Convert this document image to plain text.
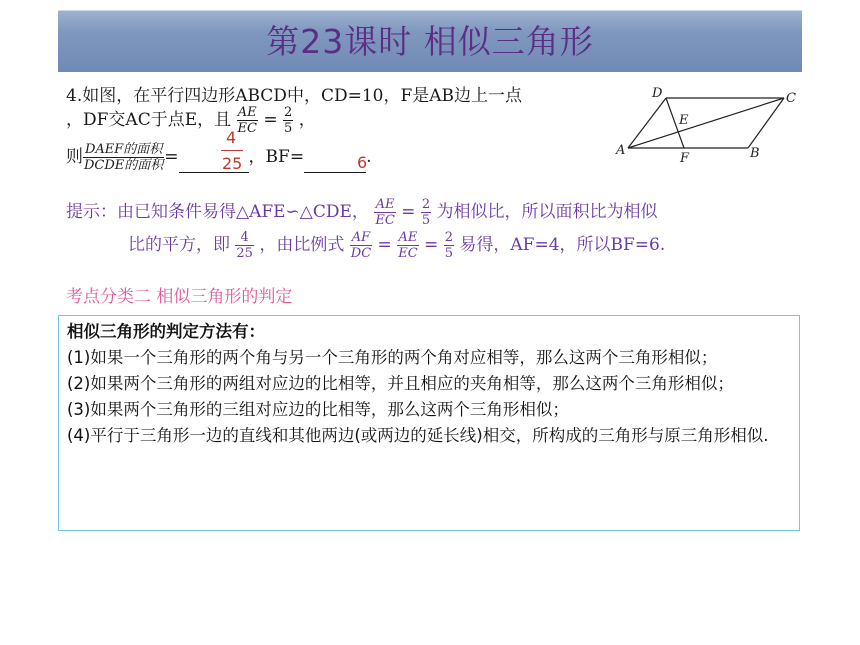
第23课时 相似三角形
4.如图，在平行四边形ABCD中，CD=10，F是AB边上一点
，DF交AC于点E，且 $\frac{AE}{EC} = \frac{2}{5}$ ，
则 $\frac{\text{DAEF的面积}}{\text{DCDE的面积}}$ =	，BF=	.
4
25	6
A	B
C
D
E
F
提示：由已知条件易得△AFE∽△CDE， $\frac{AE}{EC} = \frac{2}{5}$ 为相似比，所以面积比为相似
比的平方，即 $\frac{4}{25}$ ，由比例式 $\frac{AF}{DC} = \frac{AE}{EC} = \frac{2}{5}$ 易得，AF=4，所以BF=6.
考点分类二 相似三角形的判定

相似三角形的判定方法有：

(1)如果一个三角形的两个角与另一个三角形的两个角对应相等，那么这两个三角形相似；

(2)如果两个三角形的两组对应边的比相等，并且相应的夹角相等，那么这两个三角形相似；

(3)如果两个三角形的三组对应边的比相等，那么这两个三角形相似；

(4)平行于三角形一边的直线和其他两边(或两边的延长线)相交，所构成的三角形与原三角形相似.
